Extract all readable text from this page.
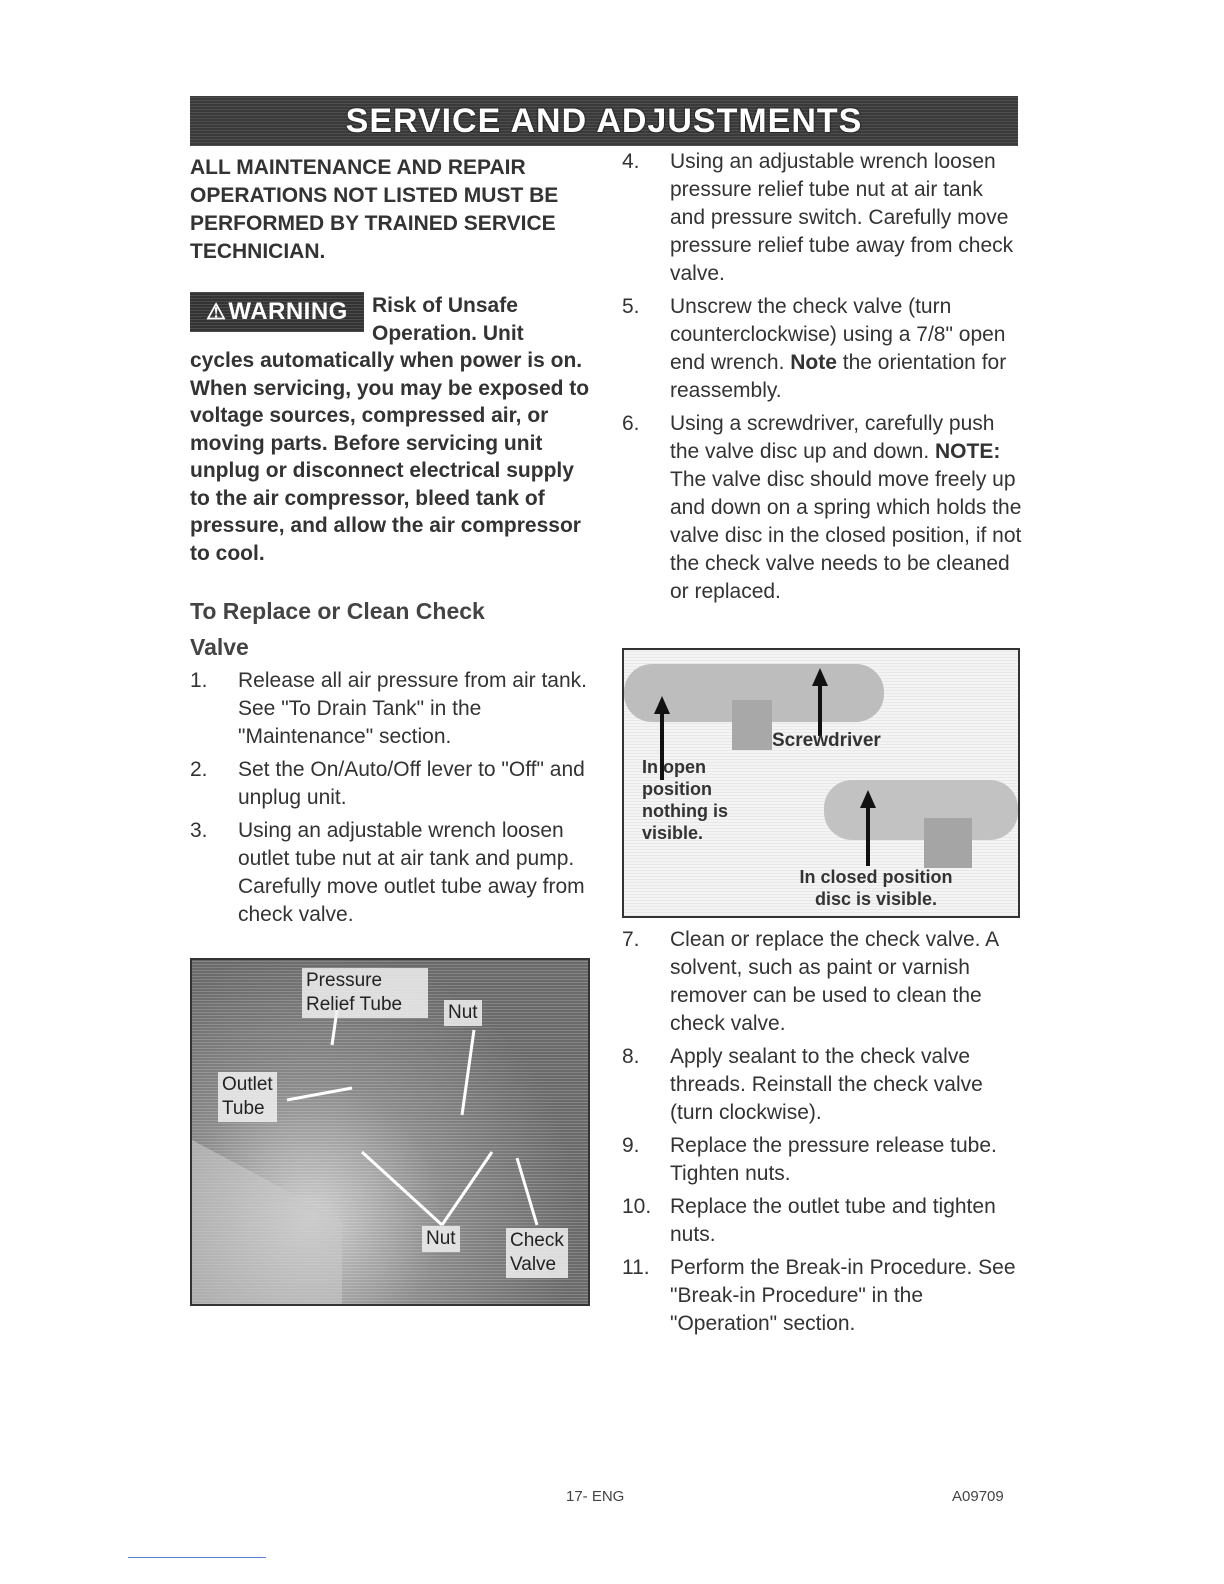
SERVICE AND ADJUSTMENTS

ALL MAINTENANCE AND REPAIR OPERATIONS NOT LISTED MUST BE PERFORMED BY TRAINED SERVICE TECHNICIAN.

⚠ WARNING Risk of Unsafe Operation. Unit cycles automatically when power is on. When servicing, you may be exposed to voltage sources, compressed air, or moving parts. Before servicing unit unplug or disconnect electrical supply to the air compressor, bleed tank of pressure, and allow the air compressor to cool.
To Replace or Clean Check
Valve
1.	Release all air pressure from air tank. See "To Drain Tank" in the "Maintenance" section.
2.	Set the On/Auto/Off lever to "Off" and unplug unit.
3.	Using an adjustable wrench loosen outlet tube nut at air tank and pump. Carefully move outlet tube away from check valve.
Pressure
Relief Tube	Nut
Outlet
Tube
Nut	Check
Valve
4.	Using an adjustable wrench loosen pressure relief tube nut at air tank and pressure switch. Carefully move pressure relief tube away from check valve.
5.	Unscrew the check valve (turn counterclockwise) using a 7/8" open end wrench. Note the orientation for reassembly.
6.	Using a screwdriver, carefully push the valve disc up and down. NOTE: The valve disc should move freely up and down on a spring which holds the valve disc in the closed position, if not the check valve needs to be cleaned or replaced.
Screwdriver
In open
position
nothing is
visible.
In closed position
disc is visible.
7.	Clean or replace the check valve. A solvent, such as paint or varnish remover can be used to clean the check valve.
8.	Apply sealant to the check valve threads. Reinstall the check valve (turn clockwise).
9.	Replace the pressure release tube. Tighten nuts.
10. Replace the outlet tube and tighten nuts.
11. Perform the Break-in Procedure. See "Break-in Procedure" in the "Operation" section.
17- ENG	A09709
